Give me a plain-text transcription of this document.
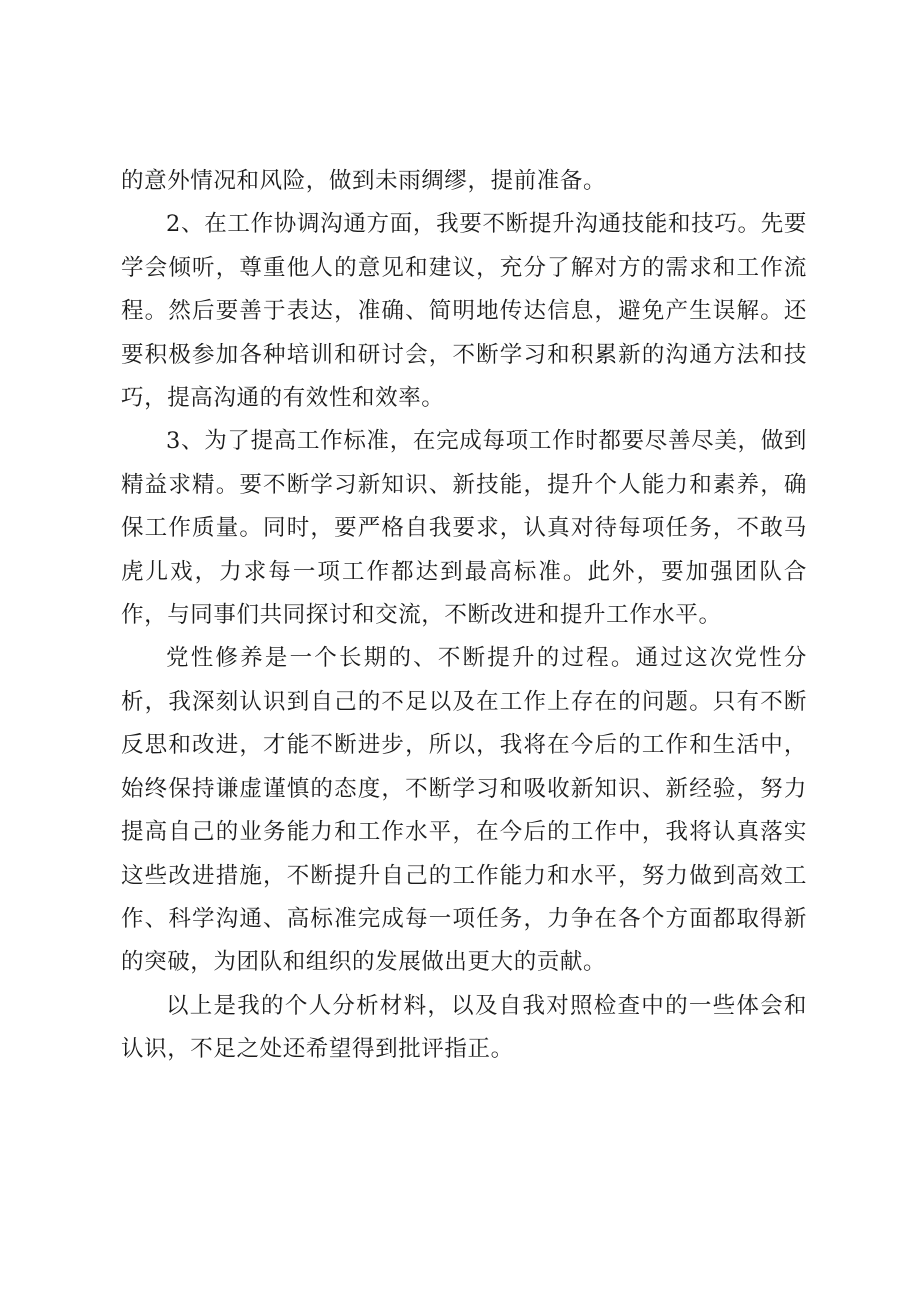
的意外情况和风险，做到未雨绸缪，提前准备。

2、在工作协调沟通方面，我要不断提升沟通技能和技巧。先要学会倾听，尊重他人的意见和建议，充分了解对方的需求和工作流程。然后要善于表达，准确、简明地传达信息，避免产生误解。还要积极参加各种培训和研讨会，不断学习和积累新的沟通方法和技巧，提高沟通的有效性和效率。

3、为了提高工作标准，在完成每项工作时都要尽善尽美，做到精益求精。要不断学习新知识、新技能，提升个人能力和素养，确保工作质量。同时，要严格自我要求，认真对待每项任务，不敢马虎儿戏，力求每一项工作都达到最高标准。此外，要加强团队合作，与同事们共同探讨和交流，不断改进和提升工作水平。

党性修养是一个长期的、不断提升的过程。通过这次党性分析，我深刻认识到自己的不足以及在工作上存在的问题。只有不断反思和改进，才能不断进步，所以，我将在今后的工作和生活中，始终保持谦虚谨慎的态度，不断学习和吸收新知识、新经验，努力提高自己的业务能力和工作水平，在今后的工作中，我将认真落实这些改进措施，不断提升自己的工作能力和水平，努力做到高效工作、科学沟通、高标准完成每一项任务，力争在各个方面都取得新的突破，为团队和组织的发展做出更大的贡献。

以上是我的个人分析材料，以及自我对照检查中的一些体会和认识，不足之处还希望得到批评指正。
